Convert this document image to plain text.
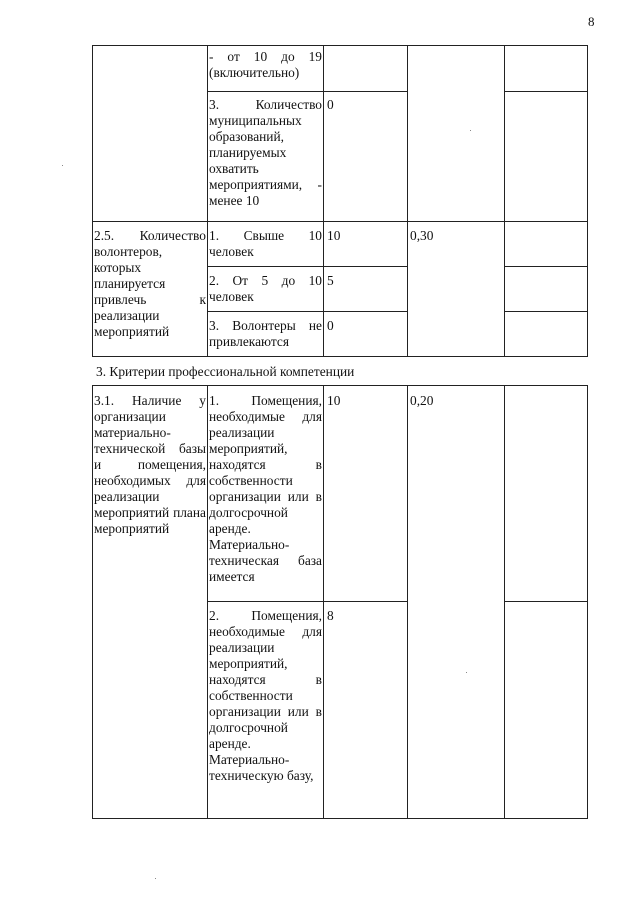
8
- от 10 до 19 (включительно)
3. Количество муниципальных образований, планируемых охватить мероприятиями, - менее 10
0
2.5. Количество волонтеров, которых планируется привлечь к реализации мероприятий
0,30
1. Свыше 10 человек
10
2. От 5 до 10 человек
5
3. Волонтеры не привлекаются
0
3. Критерии профессиональной компетенции
3.1. Наличие у организации материально-технической базы и помещения, необходимых для реализации мероприятий плана мероприятий
0,20
1. Помещения, необходимые для реализации мероприятий, находятся в собственности организации или в долгосрочной аренде. Материально-техническая база имеется
10
2. Помещения, необходимые для реализации мероприятий, находятся в собственности организации или в долгосрочной аренде. Материально-техническую базу,
8
